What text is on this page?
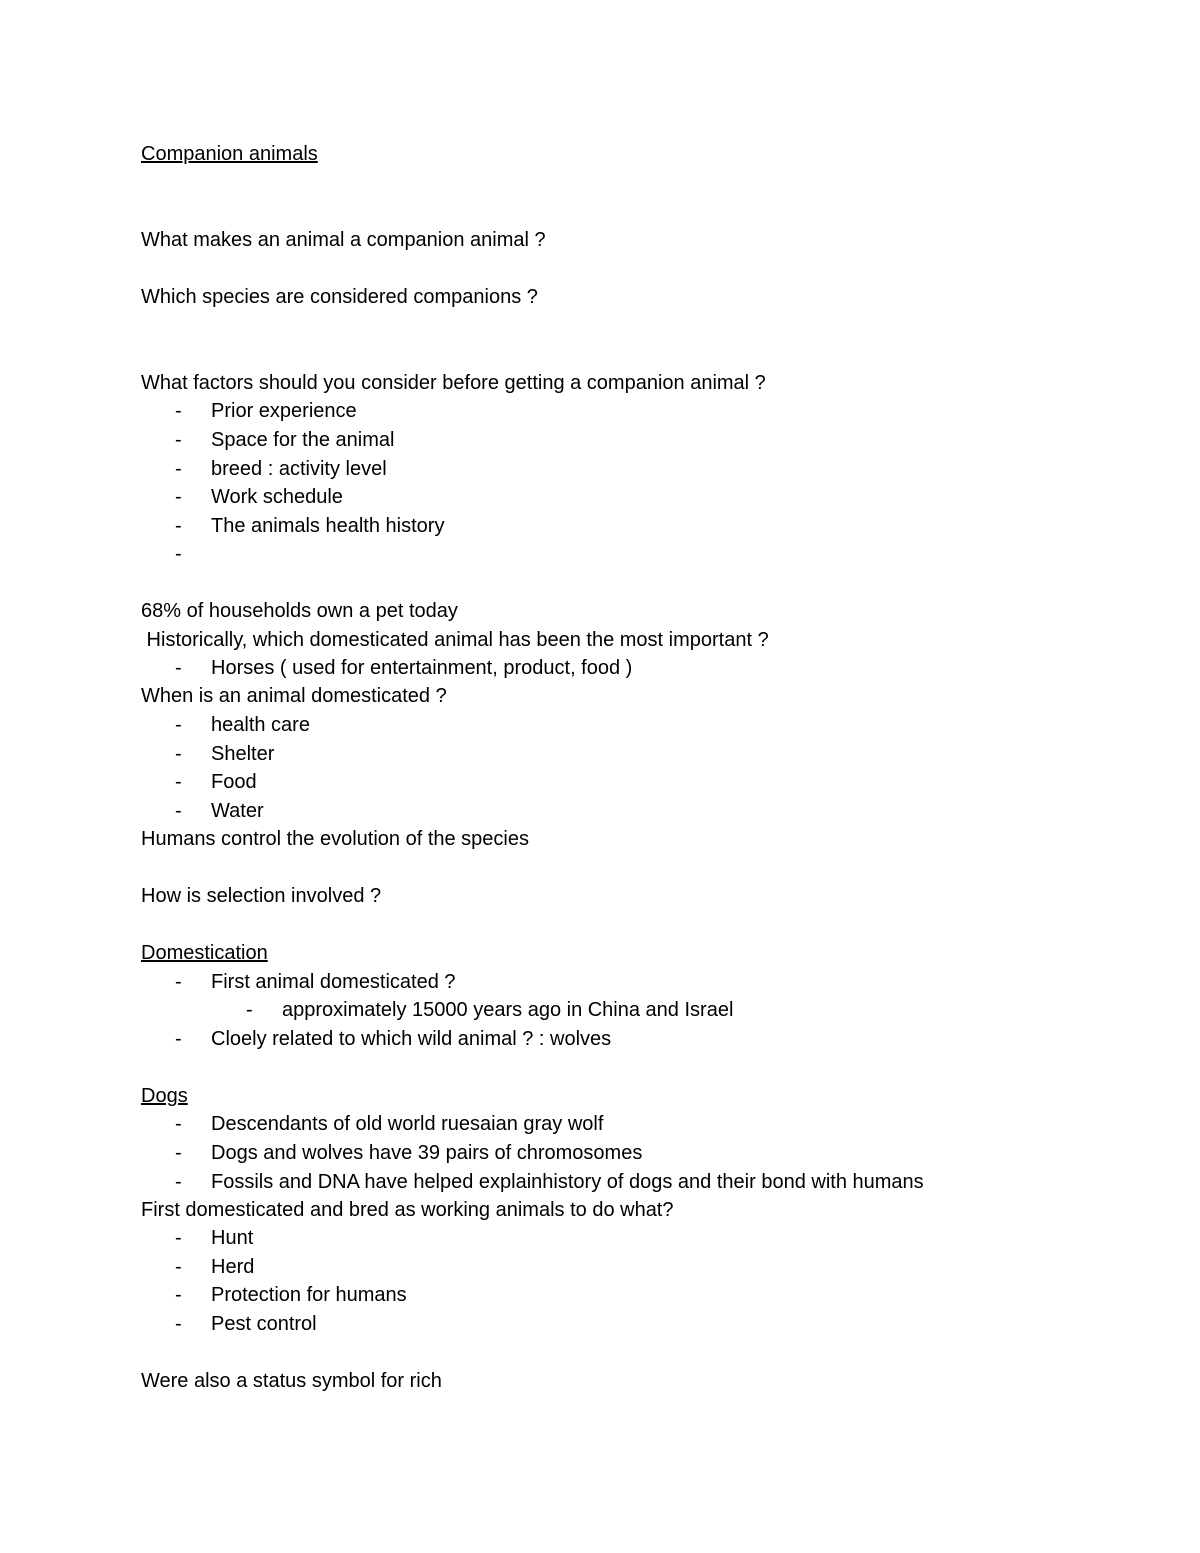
Companion animals
What makes an animal a companion animal ?
Which species are considered companions ?
What factors should you consider before getting a companion animal ?
- Prior experience
- Space for the animal
- breed : activity level
- Work schedule
- The animals health history
-
68% of households own a pet today
Historically, which domesticated animal has been the most important ?
- Horses ( used for entertainment, product, food )
When is an animal domesticated ?
- health care
- Shelter
- Food
- Water
Humans control the evolution of the species
How is selection involved ?
Domestication
- First animal domesticated ?
- approximately 15000 years ago in China and Israel
- Cloely related to which wild animal ? : wolves
Dogs
- Descendants of old world ruesaian gray wolf
- Dogs and wolves have 39 pairs of chromosomes
- Fossils and DNA have helped explainhistory of dogs and their bond with humans
First domesticated and bred as working animals to do what?
- Hunt
- Herd
- Protection for humans
- Pest control
Were also a status symbol for rich
